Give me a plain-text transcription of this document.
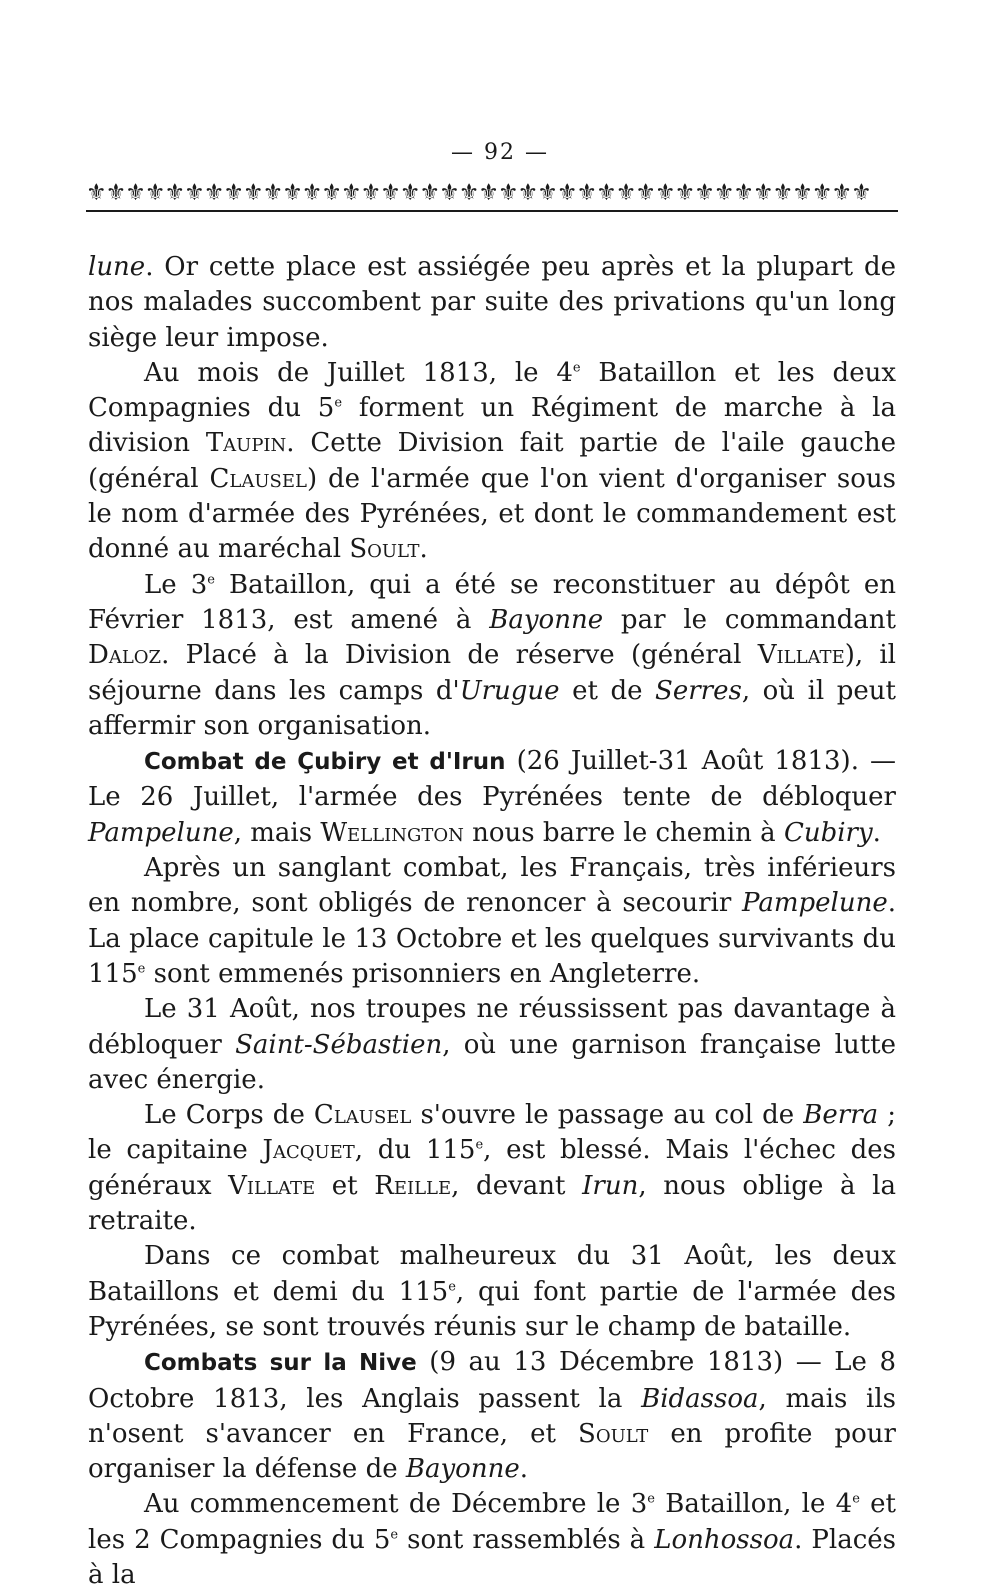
— 92 —
⚜⚜⚜⚜⚜⚜⚜⚜⚜⚜⚜⚜⚜⚜⚜⚜⚜⚜⚜⚜⚜⚜⚜⚜⚜⚜⚜⚜⚜⚜⚜⚜⚜⚜⚜⚜⚜⚜⚜⚜

lune. Or cette place est assiégée peu après et la plupart de nos malades succombent par suite des privations qu'un long siège leur impose.

Au mois de Juillet 1813, le 4e Bataillon et les deux Compagnies du 5e forment un Régiment de marche à la division Taupin. Cette Division fait partie de l'aile gauche (général Clausel) de l'armée que l'on vient d'organiser sous le nom d'armée des Pyrénées, et dont le commandement est donné au maréchal Soult.

Le 3e Bataillon, qui a été se reconstituer au dépôt en Février 1813, est amené à Bayonne par le commandant Daloz. Placé à la Division de réserve (général Villate), il séjourne dans les camps d'Urugue et de Serres, où il peut affermir son organisation.

Combat de Çubiry et d'Irun (26 Juillet-31 Août 1813). — Le 26 Juillet, l'armée des Pyrénées tente de débloquer Pampelune, mais Wellington nous barre le chemin à Cubiry.

Après un sanglant combat, les Français, très inférieurs en nombre, sont obligés de renoncer à secourir Pampelune. La place capitule le 13 Octobre et les quelques survivants du 115e sont emmenés prisonniers en Angleterre.

Le 31 Août, nos troupes ne réussissent pas davantage à débloquer Saint-Sébastien, où une garnison française lutte avec énergie.

Le Corps de Clausel s'ouvre le passage au col de Berra ; le capitaine Jacquet, du 115e, est blessé. Mais l'échec des généraux Villate et Reille, devant Irun, nous oblige à la retraite.

Dans ce combat malheureux du 31 Août, les deux Bataillons et demi du 115e, qui font partie de l'armée des Pyrénées, se sont trouvés réunis sur le champ de bataille.

Combats sur la Nive (9 au 13 Décembre 1813) — Le 8 Octobre 1813, les Anglais passent la Bidassoa, mais ils n'osent s'avancer en France, et Soult en profite pour organiser la défense de Bayonne.

Au commencement de Décembre le 3e Bataillon, le 4e et les 2 Compagnies du 5e sont rassemblés à Lonhossoa. Placés à la
